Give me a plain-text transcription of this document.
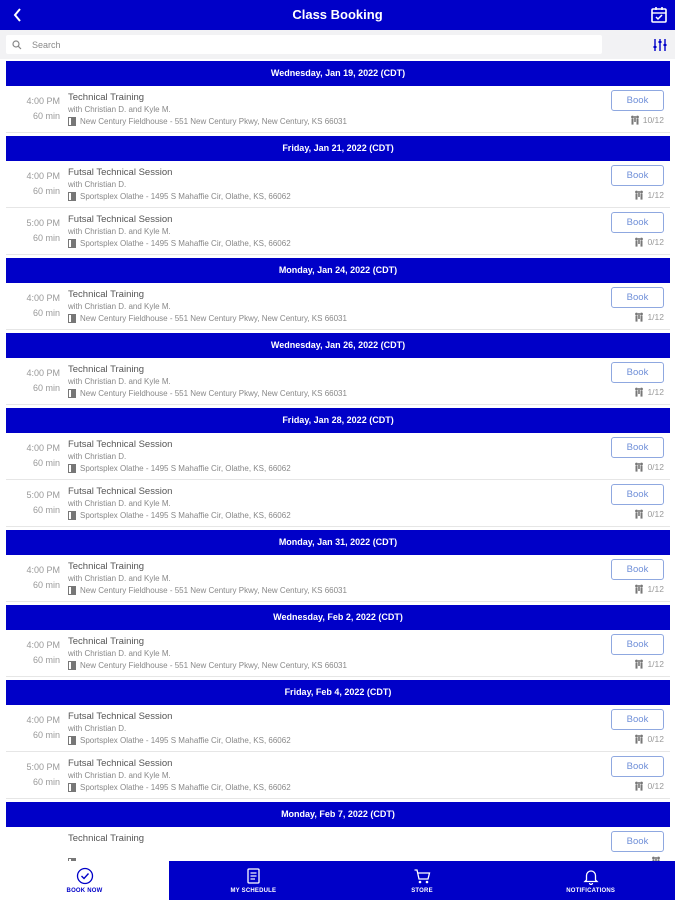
Class Booking
Search
Wednesday, Jan 19, 2022 (CDT)
4:00 PM
60 min
Technical Training
with Christian D. and Kyle M.
New Century Fieldhouse - 551 New Century Pkwy, New Century, KS 66031
Book
10/12
Friday, Jan 21, 2022 (CDT)
4:00 PM
60 min
Futsal Technical Session
with Christian D.
Sportsplex Olathe - 1495 S Mahaffie Cir, Olathe, KS, 66062
Book
1/12
5:00 PM
60 min
Futsal Technical Session
with Christian D. and Kyle M.
Sportsplex Olathe - 1495 S Mahaffie Cir, Olathe, KS, 66062
Book
0/12
Monday, Jan 24, 2022 (CDT)
4:00 PM
60 min
Technical Training
with Christian D. and Kyle M.
New Century Fieldhouse - 551 New Century Pkwy, New Century, KS 66031
Book
1/12
Wednesday, Jan 26, 2022 (CDT)
4:00 PM
60 min
Technical Training
with Christian D. and Kyle M.
New Century Fieldhouse - 551 New Century Pkwy, New Century, KS 66031
Book
1/12
Friday, Jan 28, 2022 (CDT)
4:00 PM
60 min
Futsal Technical Session
with Christian D.
Sportsplex Olathe - 1495 S Mahaffie Cir, Olathe, KS, 66062
Book
0/12
5:00 PM
60 min
Futsal Technical Session
with Christian D. and Kyle M.
Sportsplex Olathe - 1495 S Mahaffie Cir, Olathe, KS, 66062
Book
0/12
Monday, Jan 31, 2022 (CDT)
4:00 PM
60 min
Technical Training
with Christian D. and Kyle M.
New Century Fieldhouse - 551 New Century Pkwy, New Century, KS 66031
Book
1/12
Wednesday, Feb 2, 2022 (CDT)
4:00 PM
60 min
Technical Training
with Christian D. and Kyle M.
New Century Fieldhouse - 551 New Century Pkwy, New Century, KS 66031
Book
1/12
Friday, Feb 4, 2022 (CDT)
4:00 PM
60 min
Futsal Technical Session
with Christian D.
Sportsplex Olathe - 1495 S Mahaffie Cir, Olathe, KS, 66062
Book
0/12
5:00 PM
60 min
Futsal Technical Session
with Christian D. and Kyle M.
Sportsplex Olathe - 1495 S Mahaffie Cir, Olathe, KS, 66062
Book
0/12
Monday, Feb 7, 2022 (CDT)
Technical Training	Book
BOOK NOW	MY SCHEDULE	STORE	NOTIFICATIONS
